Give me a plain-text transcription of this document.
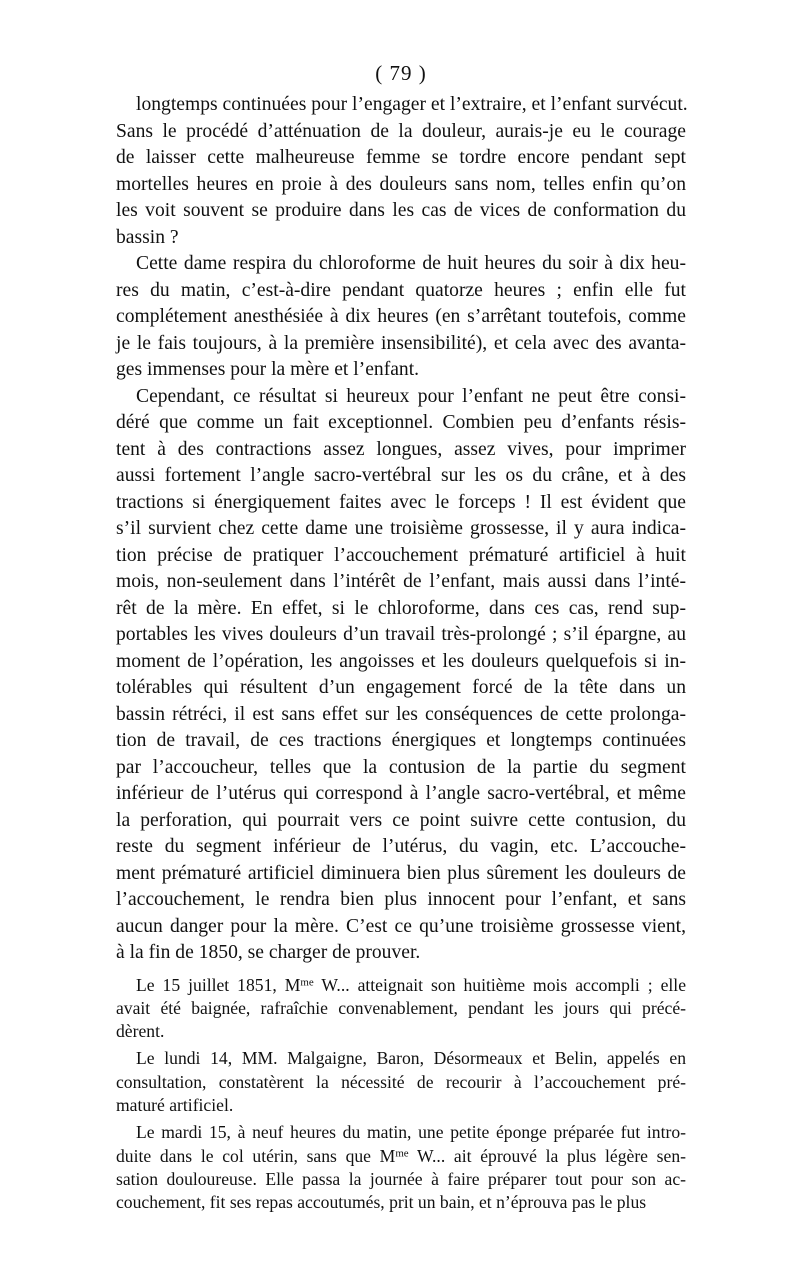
( 79 )
longtemps continuées pour l’engager et l’extraire, et l’enfant survécut.
Sans le procédé d’atténuation de la douleur, aurais-je eu le courage
de laisser cette malheureuse femme se tordre encore pendant sept
mortelles heures en proie à des douleurs sans nom, telles enfin qu’on
les voit souvent se produire dans les cas de vices de conformation du
bassin ?
Cette dame respira du chloroforme de huit heures du soir à dix heu-
res du matin, c’est-à-dire pendant quatorze heures ; enfin elle fut
complétement anesthésiée à dix heures (en s’arrêtant toutefois, comme
je le fais toujours, à la première insensibilité), et cela avec des avanta-
ges immenses pour la mère et l’enfant.
Cependant, ce résultat si heureux pour l’enfant ne peut être consi-
déré que comme un fait exceptionnel. Combien peu d’enfants résis-
tent à des contractions assez longues, assez vives, pour imprimer
aussi fortement l’angle sacro-vertébral sur les os du crâne, et à des
tractions si énergiquement faites avec le forceps ! Il est évident que
s’il survient chez cette dame une troisième grossesse, il y aura indica-
tion précise de pratiquer l’accouchement prématuré artificiel à huit
mois, non-seulement dans l’intérêt de l’enfant, mais aussi dans l’inté-
rêt de la mère. En effet, si le chloroforme, dans ces cas, rend sup-
portables les vives douleurs d’un travail très-prolongé ; s’il épargne, au
moment de l’opération, les angoisses et les douleurs quelquefois si in-
tolérables qui résultent d’un engagement forcé de la tête dans un
bassin rétréci, il est sans effet sur les conséquences de cette prolonga-
tion de travail, de ces tractions énergiques et longtemps continuées
par l’accoucheur, telles que la contusion de la partie du segment
inférieur de l’utérus qui correspond à l’angle sacro-vertébral, et même
la perforation, qui pourrait vers ce point suivre cette contusion, du
reste du segment inférieur de l’utérus, du vagin, etc. L’accouche-
ment prématuré artificiel diminuera bien plus sûrement les douleurs de
l’accouchement, le rendra bien plus innocent pour l’enfant, et sans
aucun danger pour la mère. C’est ce qu’une troisième grossesse vient,
à la fin de 1850, se charger de prouver.
Le 15 juillet 1851, $M^{me}$ W... atteignait son huitième mois accompli ; elle
avait été baignée, rafraîchie convenablement, pendant les jours qui précé-
dèrent.
Le lundi 14, MM. Malgaigne, Baron, Désormeaux et Belin, appelés en
consultation, constatèrent la nécessité de recourir à l’accouchement pré-
maturé artificiel.
Le mardi 15, à neuf heures du matin, une petite éponge préparée fut intro-
duite dans le col utérin, sans que $M^{me}$ W... ait éprouvé la plus légère sen-
sation douloureuse. Elle passa la journée à faire préparer tout pour son ac-
couchement, fit ses repas accoutumés, prit un bain, et n’éprouva pas le plus
